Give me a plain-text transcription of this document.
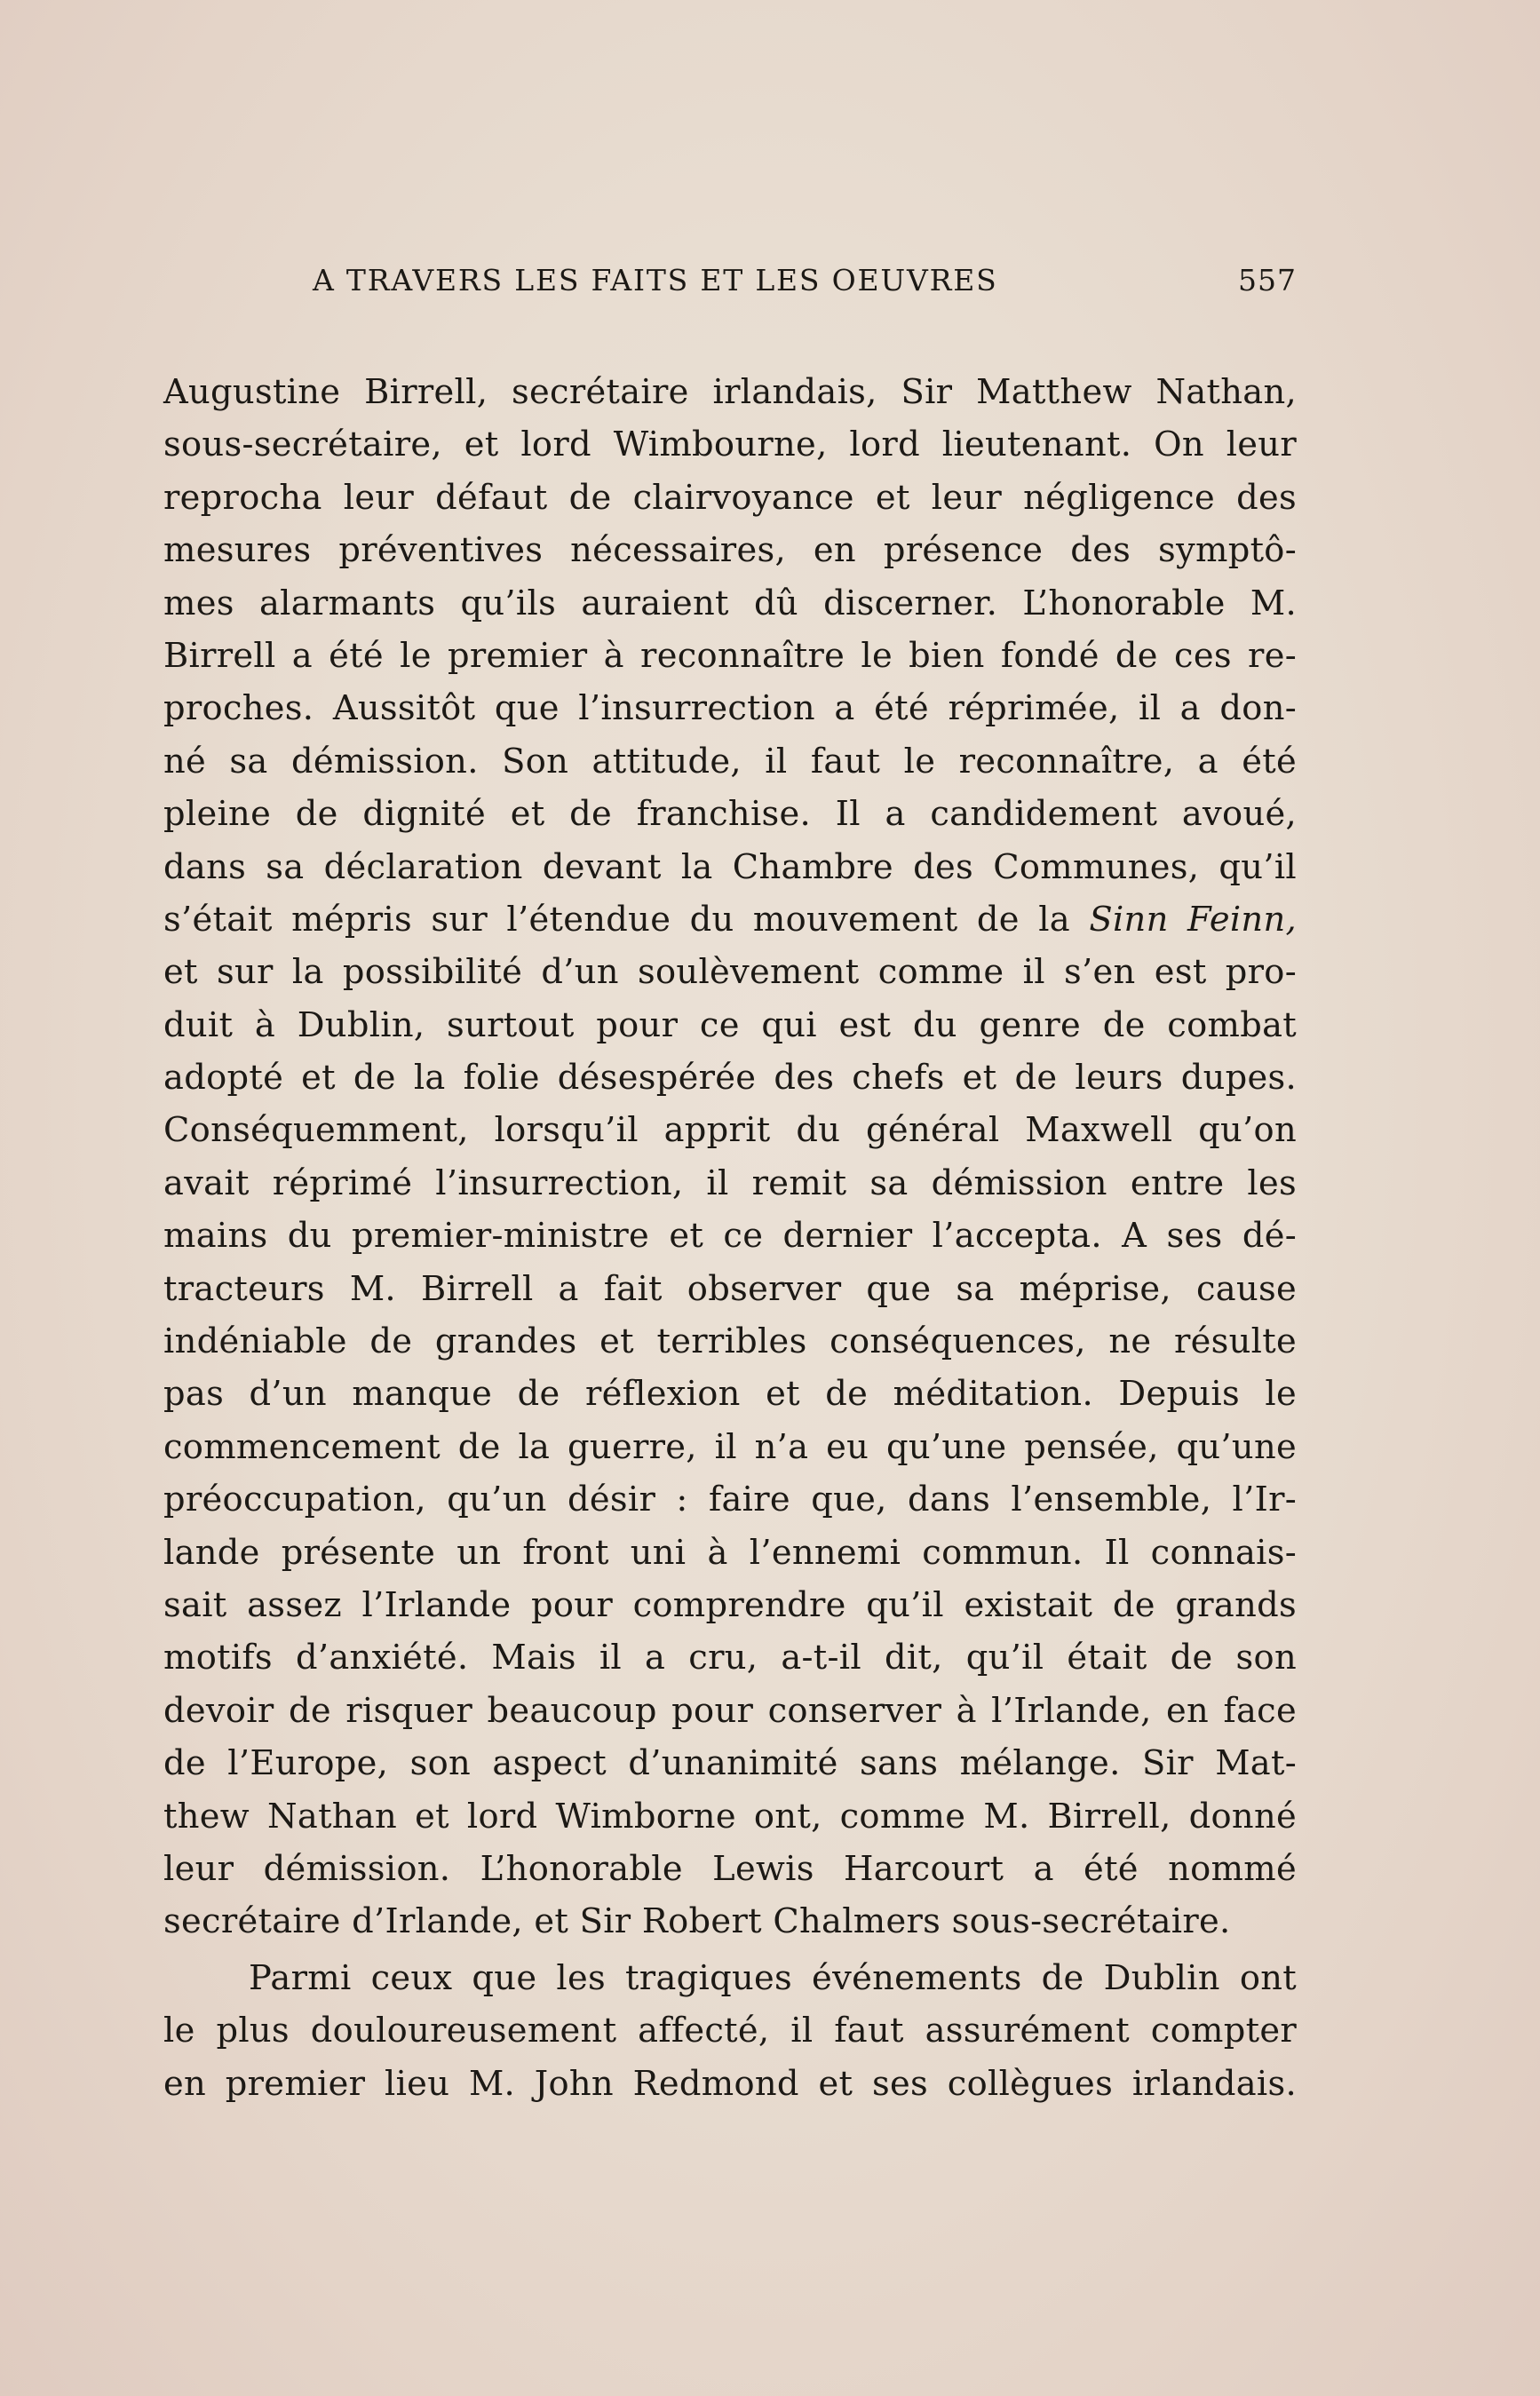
A TRAVERS LES FAITS ET LES OEUVRES	557
Augustine Birrell, secrétaire irlandais, Sir Matthew Nathan,
sous-secrétaire, et lord Wimbourne, lord lieutenant. On leur
reprocha leur défaut de clairvoyance et leur négligence des
mesures préventives nécessaires, en présence des symptô-
mes alarmants qu’ils auraient dû discerner. L’honorable M.
Birrell a été le premier à reconnaître le bien fondé de ces re-
proches. Aussitôt que l’insurrection a été réprimée, il a don-
né sa démission. Son attitude, il faut le reconnaître, a été
pleine de dignité et de franchise. Il a candidement avoué,
dans sa déclaration devant la Chambre des Communes, qu’il
s’était mépris sur l’étendue du mouvement de la Sinn Feinn,
et sur la possibilité d’un soulèvement comme il s’en est pro-
duit à Dublin, surtout pour ce qui est du genre de combat
adopté et de la folie désespérée des chefs et de leurs dupes.
Conséquemment, lorsqu’il apprit du général Maxwell qu’on
avait réprimé l’insurrection, il remit sa démission entre les
mains du premier-ministre et ce dernier l’accepta. A ses dé-
tracteurs M. Birrell a fait observer que sa méprise, cause
indéniable de grandes et terribles conséquences, ne résulte
pas d’un manque de réflexion et de méditation. Depuis le
commencement de la guerre, il n’a eu qu’une pensée, qu’une
préoccupation, qu’un désir : faire que, dans l’ensemble, l’Ir-
lande présente un front uni à l’ennemi commun. Il connais-
sait assez l’Irlande pour comprendre qu’il existait de grands
motifs d’anxiété. Mais il a cru, a-t-il dit, qu’il était de son
devoir de risquer beaucoup pour conserver à l’Irlande, en face
de l’Europe, son aspect d’unanimité sans mélange. Sir Mat-
thew Nathan et lord Wimborne ont, comme M. Birrell, donné
leur démission. L’honorable Lewis Harcourt a été nommé
secrétaire d’Irlande, et Sir Robert Chalmers sous-secrétaire.
Parmi ceux que les tragiques événements de Dublin ont
le plus douloureusement affecté, il faut assurément compter
en premier lieu M. John Redmond et ses collègues irlandais.
